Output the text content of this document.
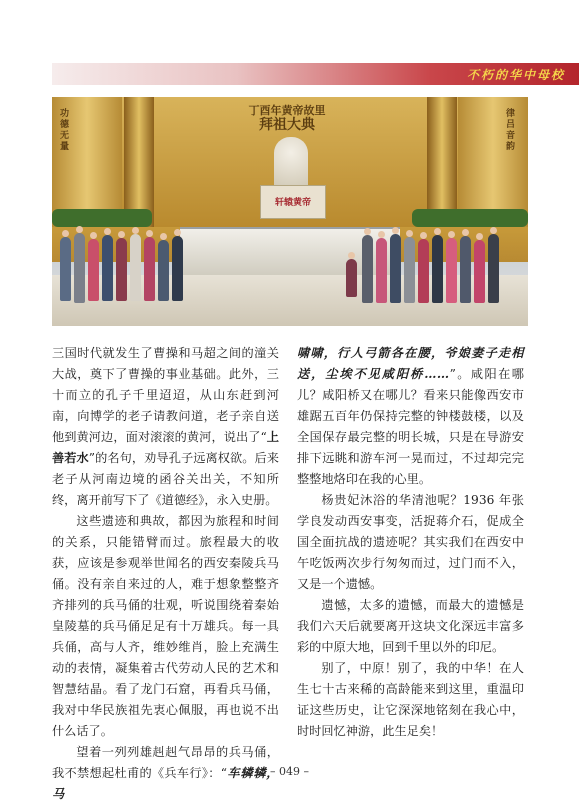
不朽的华中母校
功德无量
律吕音韵
丁酉年黄帝故里
拜祖大典
轩辕黄帝

三国时代就发生了曹操和马超之间的潼关大战，奠下了曹操的事业基础。此外，三十而立的孔子千里迢迢，从山东赶到河南，向博学的老子请教问道，老子亲自送他到黄河边，面对滚滚的黄河，说出了“上善若水”的名句，劝导孔子远离权欲。后来老子从河南边境的函谷关出关，不知所终，离开前写下了《道德经》，永入史册。

这些遗迹和典故，都因为旅程和时间的关系，只能错臂而过。旅程最大的收获，应该是参观举世闻名的西安秦陵兵马俑。没有亲自来过的人，难于想象整整齐齐排列的兵马俑的壮观，听说围绕着秦始皇陵墓的兵马俑足足有十万雄兵。每一具兵俑，高与人齐，维妙维肖，脸上充满生动的表情，凝集着古代劳动人民的艺术和智慧结晶。看了龙门石窟，再看兵马俑，我对中华民族祖先衷心佩服，再也说不出什么话了。

望着一列列雄赳赳气昂昂的兵马俑，我不禁想起杜甫的《兵车行》：“车辚辚，马

啸啸，行人弓箭各在腰，爷娘妻子走相送，尘埃不见咸阳桥……”。咸阳在哪儿？咸阳桥又在哪儿？看来只能像西安市雄踞五百年仍保持完整的钟楼鼓楼，以及全国保存最完整的明长城，只是在导游安排下远眺和游车河一晃而过，不过却完完整整地烙印在我的心里。

杨贵妃沐浴的华清池呢？1936 年张学良发动西安事变，活捉蒋介石，促成全国全面抗战的遗迹呢？其实我们在西安中午吃饭两次步行匆匆而过，过门而不入，又是一个遗憾。

遗憾，太多的遗憾，而最大的遗憾是我们六天后就要离开这块文化深远丰富多彩的中原大地，回到千里以外的印尼。

别了，中原！别了，我的中华！在人生七十古来稀的高龄能来到这里，重温印证这些历史，让它深深地铭刻在我心中，时时回忆神游，此生足矣！

– 049 –
